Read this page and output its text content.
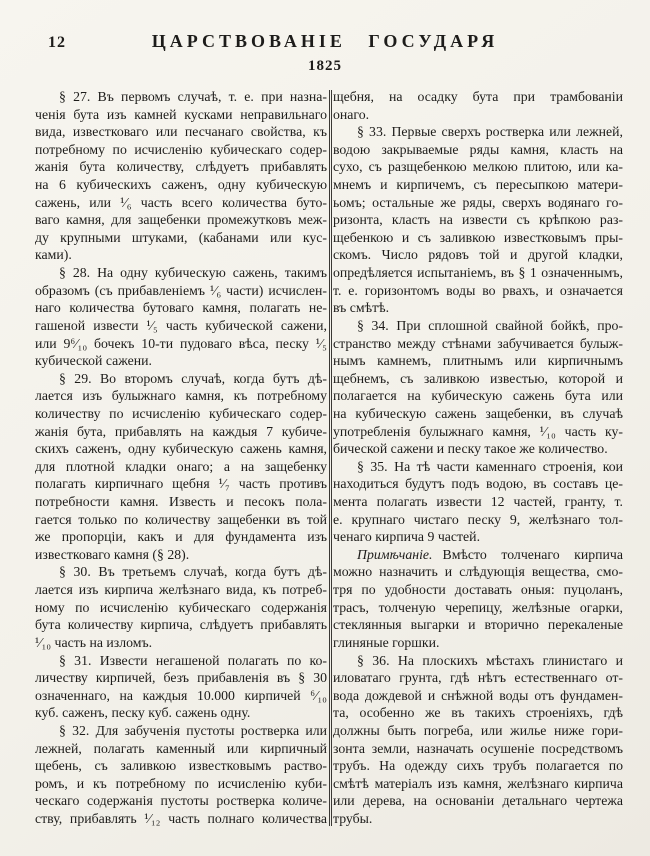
12	ЦАРСТВОВАНІЕ ГОСУДАРЯ
1825
§ 27. Въ первомъ случаѣ, т. е. при назна-
ченія бута изъ камней кусками неправильнаго
вида, известковаго или песчанаго свойства, къ
потребному по исчисленію кубическаго содер-
жанія бута количеству, слѣдуетъ прибавлять
на 6 кубическихъ саженъ, одну кубическую
сажень, или ¹⁄₆ часть всего количества буто-
ваго камня, для защебенки промежутковъ меж-
ду крупными штуками, (кабанами или кус-
ками).
§ 28. На одну кубическую сажень, такимъ
образомъ (съ прибавленіемъ ¹⁄₆ части) исчислен-
наго количества бутоваго камня, полагать не-
гашеной извести ¹⁄₅ часть кубической сажени,
или 9⁶⁄₁₀ бочекъ 10-ти пудоваго вѣса, песку ¹⁄₅
кубической сажени.
§ 29. Во второмъ случаѣ, когда бутъ дѣ-
лается изъ булыжнаго камня, къ потребному
количеству по исчисленію кубическаго содер-
жанія бута, прибавлять на каждыя 7 кубиче-
скихъ саженъ, одну кубическую сажень камня,
для плотной кладки онаго; а на защебенку
полагать кирпичнаго щебня ¹⁄₇ часть противъ
потребности камня. Известь и песокъ пола-
гается только по количеству защебенки въ той
же пропорціи, какъ и для фундамента изъ
известковаго камня (§ 28).
§ 30. Въ третьемъ случаѣ, когда бутъ дѣ-
лается изъ кирпича желѣзнаго вида, къ потреб-
ному по исчисленію кубическаго содержанія
бута количеству кирпича, слѣдуетъ прибавлять
¹⁄₁₀ часть на изломъ.
§ 31. Извести негашеной полагать по ко-
личеству кирпичей, безъ прибавленія въ § 30
означеннаго, на каждыя 10.000 кирпичей ⁶⁄₁₀
куб. саженъ, песку куб. сажень одну.
§ 32. Для забученія пустоты ростверка или
лежней, полагать каменный или кирпичный
щебень, съ заливкою известковымъ раство-
ромъ, и къ потребному по исчисленію куби-
ческаго содержанія пустоты ростверка количе-
ству, прибавлять ¹⁄₁₂ часть полнаго количества
щебня, на осадку бута при трамбованіи
онаго.
§ 33. Первые сверхъ ростверка или лежней,
водою закрываемые ряды камня, класть на
сухо, съ разщебенкою мелкою плитою, или ка-
мнемъ и кирпичемъ, съ пересыпкою матери-
ьомъ; остальные же ряды, сверхъ водянаго го-
ризонта, класть на извести съ крѣпкою раз-
щебенкою и съ заливкою известковымъ пры-
скомъ. Число рядовъ той и другой кладки,
опредѣляется испытаніемъ, въ § 1 означеннымъ,
т. е. горизонтомъ воды во рвахъ, и означается
въ смѣтѣ.
§ 34. При сплошной свайной бойкѣ, про-
странство между стѣнами забучивается булыж-
нымъ камнемъ, плитнымъ или кирпичнымъ
щебнемъ, съ заливкою известью, которой и
полагается на кубическую сажень бута или
на кубическую сажень защебенки, въ случаѣ
употребленія булыжнаго камня, ¹⁄₁₀ часть ку-
бической сажени и песку такое же количество.
§ 35. На тѣ части каменнаго строенія, кои
находиться будутъ подъ водою, въ составъ це-
мента полагать извести 12 частей, гранту, т.
е. крупнаго чистаго песку 9, желѣзнаго тол-
ченаго кирпича 9 частей.
Примѣчаніе. Вмѣсто толченаго кирпича
можно назначить и слѣдующія вещества, смо-
тря по удобности доставать оныя: пуцоланъ,
трасъ, толченую черепицу, желѣзные огарки,
стеклянныя выгарки и вторично перекаленые
глиняные горшки.
§ 36. На плоскихъ мѣстахъ глинистаго и
иловатаго грунта, гдѣ нѣтъ естественнаго от-
вода дождевой и снѣжной воды отъ фундамен-
та, особенно же въ такихъ строеніяхъ, гдѣ
должны быть погреба, или жилье ниже гори-
зонта земли, назначать осушеніе посредствомъ
трубъ. На одежду сихъ трубъ полагается по
смѣтѣ матеріалъ изъ камня, желѣзнаго кирпича
или дерева, на основаніи детальнаго чертежа
трубы.
